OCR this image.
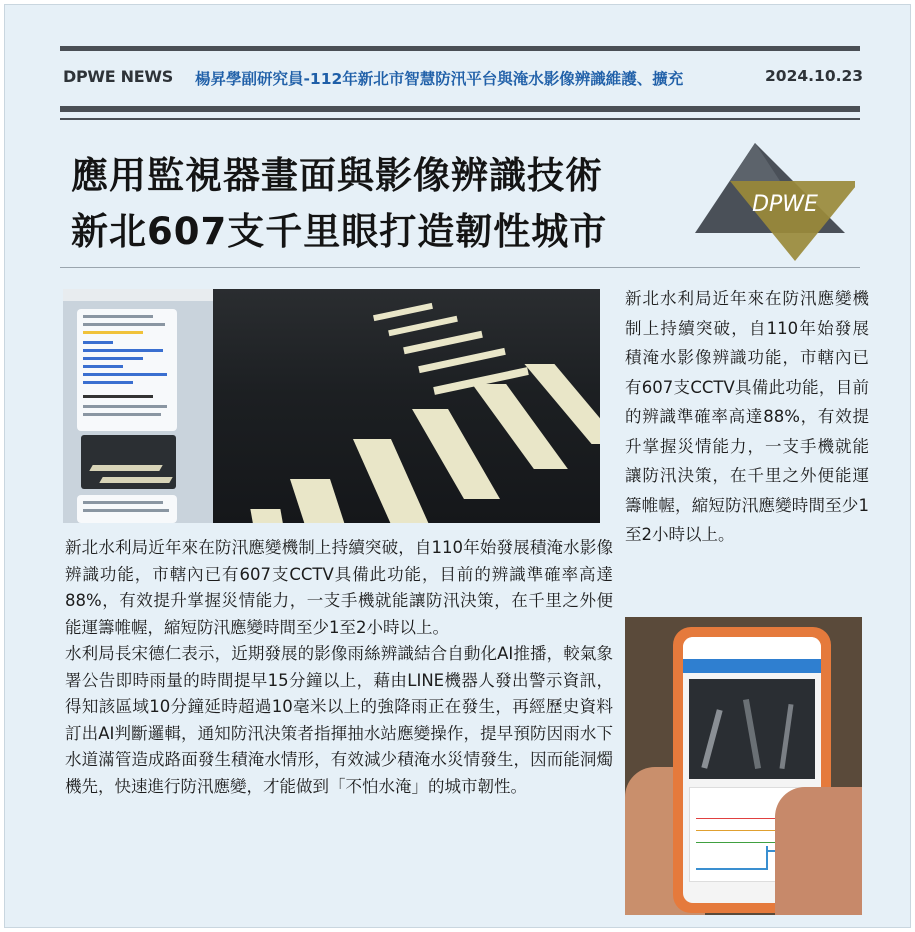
DPWE NEWS 楊昇學副研究員-112年新北市智慧防汛平台與淹水影像辨識維護、擴充	2024.10.23
應用監視器畫面與影像辨識技術
新北607支千里眼打造韌性城市
DPWE

新北水利局近年來在防汛應變機制上持續突破，自110年始發展積淹水影像辨識功能，市轄內已有607支CCTV具備此功能，目前的辨識準確率高達88%，有效提升掌握災情能力，一支手機就能讓防汛決策，在千里之外便能運籌帷幄，縮短防汛應變時間至少1至2小時以上。

水利局長宋德仁表示，近期發展的影像雨絲辨識結合自動化AI推播，較氣象署公告即時雨量的時間提早15分鐘以上，藉由LINE機器人發出警示資訊，得知該區域10分鐘延時超過10毫米以上的強降雨正在發生，再經歷史資料訂出AI判斷邏輯，通知防汛決策者指揮抽水站應變操作，提早預防因雨水下水道滿管造成路面發生積淹水情形，有效減少積淹水災情發生，因而能洞燭機先，快速進行防汛應變，才能做到「不怕水淹」的城市韌性。

新北水利局近年來在防汛應變機制上持續突破，自110年始發展積淹水影像辨識功能，市轄內已有607支CCTV具備此功能，目前的辨識準確率高達88%，有效提升掌握災情能力，一支手機就能讓防汛決策，在千里之外便能運籌帷幄，縮短防汛應變時間至少1至2小時以上。
